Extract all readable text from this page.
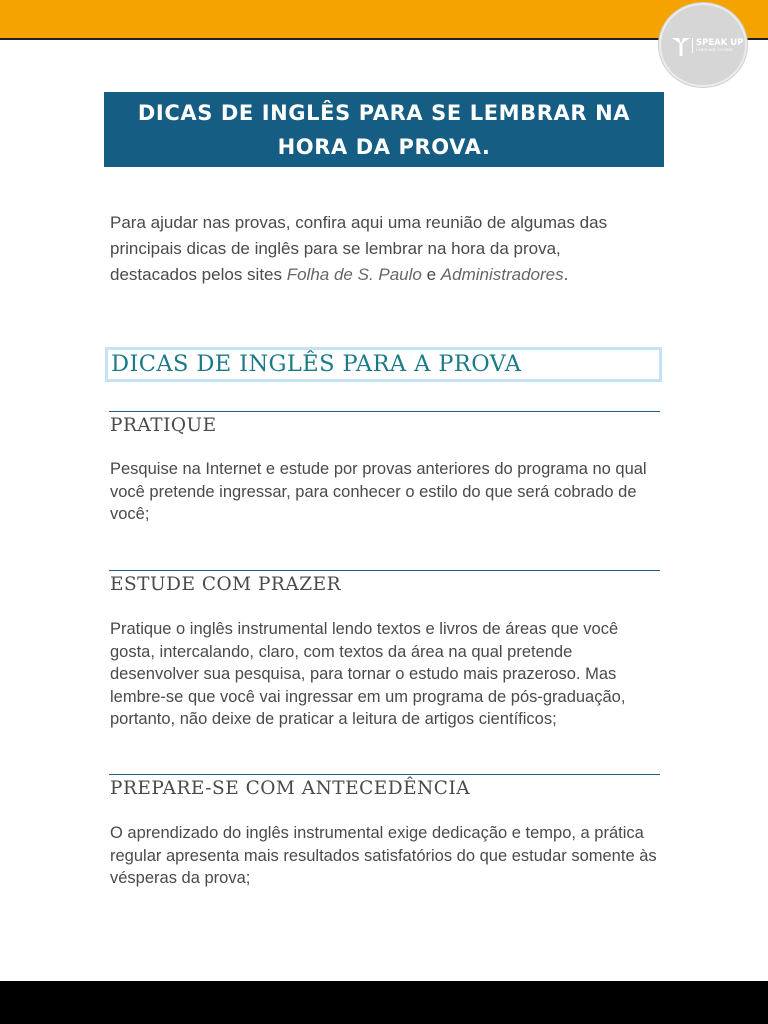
SPEAK UP
LANGUAGE COURSE
DICAS DE INGLÊS PARA SE LEMBRAR NA HORA DA PROVA.

Para ajudar nas provas, confira aqui uma reunião de algumas das principais dicas de inglês para se lembrar na hora da prova, destacados pelos sites Folha de S. Paulo e Administradores.

DICAS DE INGLÊS PARA A PROVA
PRATIQUE

Pesquise na Internet e estude por provas anteriores do programa no qual você pretende ingressar, para conhecer o estilo do que será cobrado de você;

ESTUDE COM PRAZER

Pratique o inglês instrumental lendo textos e livros de áreas que você gosta, intercalando, claro, com textos da área na qual pretende desenvolver sua pesquisa, para tornar o estudo mais prazeroso. Mas lembre-se que você vai ingressar em um programa de pós-graduação, portanto, não deixe de praticar a leitura de artigos científicos;

PREPARE-SE COM ANTECEDÊNCIA

O aprendizado do inglês instrumental exige dedicação e tempo, a prática regular apresenta mais resultados satisfatórios do que estudar somente às vésperas da prova;
